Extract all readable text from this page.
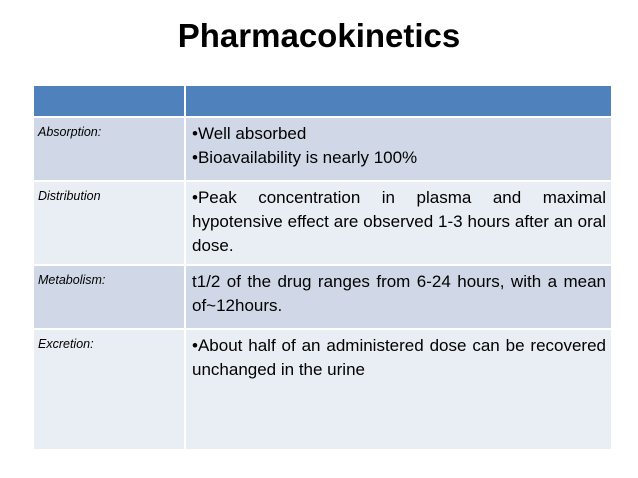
Pharmacokinetics

Absorption:	•Well absorbed
•Bioavailability is nearly 100%

Distribution	•Peak concentration in plasma and maximal hypotensive effect are observed 1-3 hours after an oral dose.

Metabolism:	t1/2 of the drug ranges from 6-24 hours, with a mean of~12hours.

Excretion:	•About half of an administered dose can be recovered unchanged in the urine
